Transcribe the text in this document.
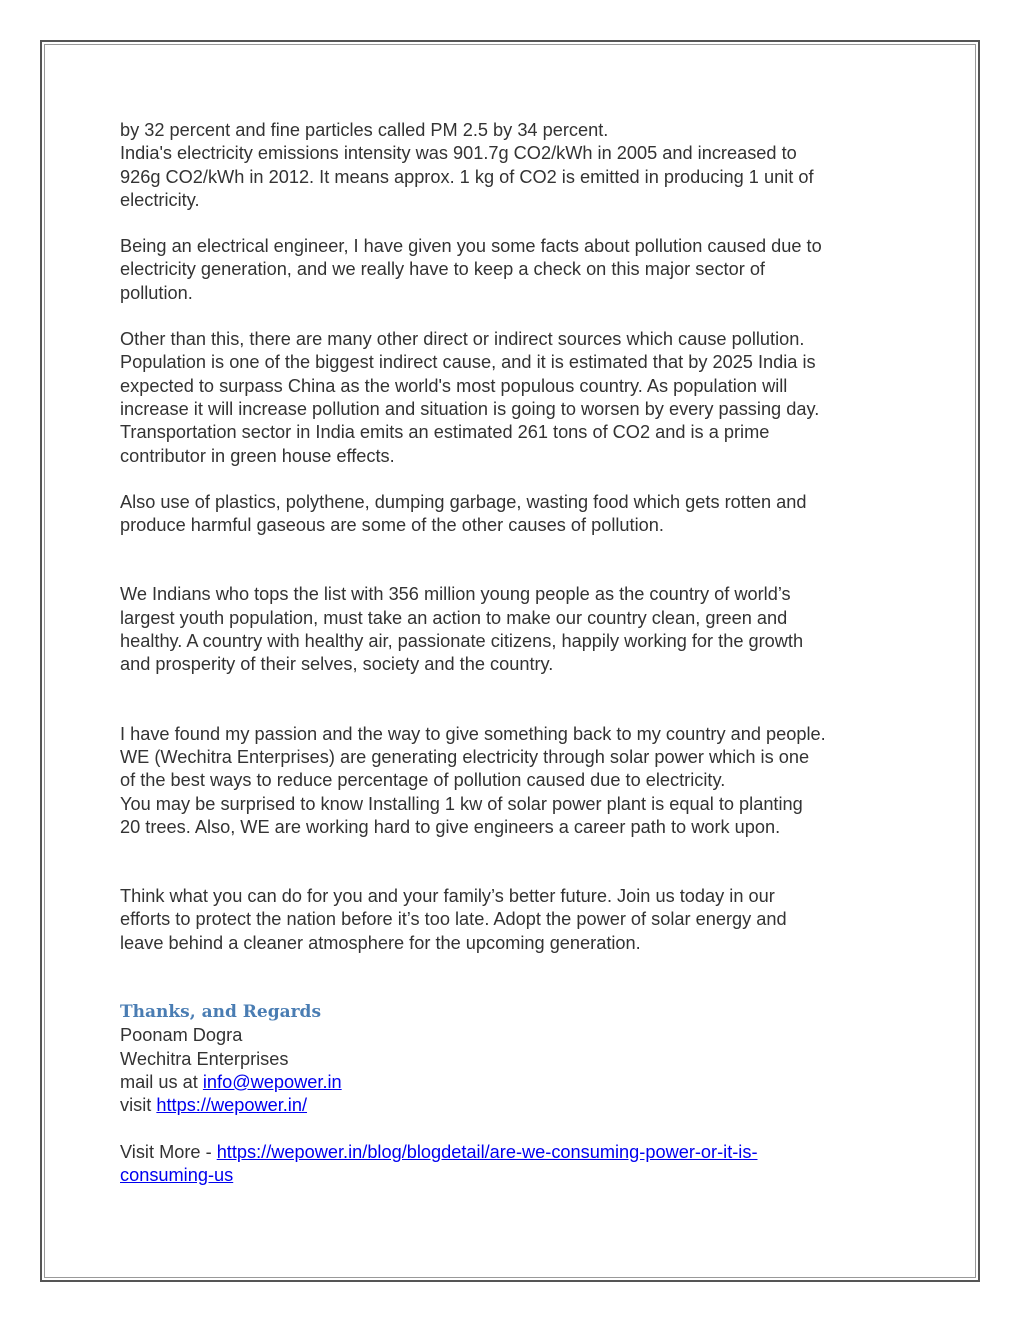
by 32 percent and fine particles called PM 2.5 by 34 percent.
India's electricity emissions intensity was 901.7g CO2/kWh in 2005 and increased to
926g CO2/kWh in 2012. It means approx. 1 kg of CO2 is emitted in producing 1 unit of
electricity.

Being an electrical engineer, I have given you some facts about pollution caused due to
electricity generation, and we really have to keep a check on this major sector of
pollution.

Other than this, there are many other direct or indirect sources which cause pollution.
Population is one of the biggest indirect cause, and it is estimated that by 2025 India is
expected to surpass China as the world's most populous country. As population will
increase it will increase pollution and situation is going to worsen by every passing day.
Transportation sector in India emits an estimated 261 tons of CO2 and is a prime
contributor in green house effects.

Also use of plastics, polythene, dumping garbage, wasting food which gets rotten and
produce harmful gaseous are some of the other causes of pollution.

We Indians who tops the list with 356 million young people as the country of world’s
largest youth population, must take an action to make our country clean, green and
healthy. A country with healthy air, passionate citizens, happily working for the growth
and prosperity of their selves, society and the country.

I have found my passion and the way to give something back to my country and people.
WE (Wechitra Enterprises) are generating electricity through solar power which is one
of the best ways to reduce percentage of pollution caused due to electricity.
You may be surprised to know Installing 1 kw of solar power plant is equal to planting
20 trees. Also, WE are working hard to give engineers a career path to work upon.

Think what you can do for you and your family’s better future. Join us today in our
efforts to protect the nation before it’s too late. Adopt the power of solar energy and
leave behind a cleaner atmosphere for the upcoming generation.

Thanks, and Regards
Poonam Dogra
Wechitra Enterprises
mail us at info@wepower.in
visit https://wepower.in/
Visit More - https://wepower.in/blog/blogdetail/are-we-consuming-power-or-it-is-
consuming-us
